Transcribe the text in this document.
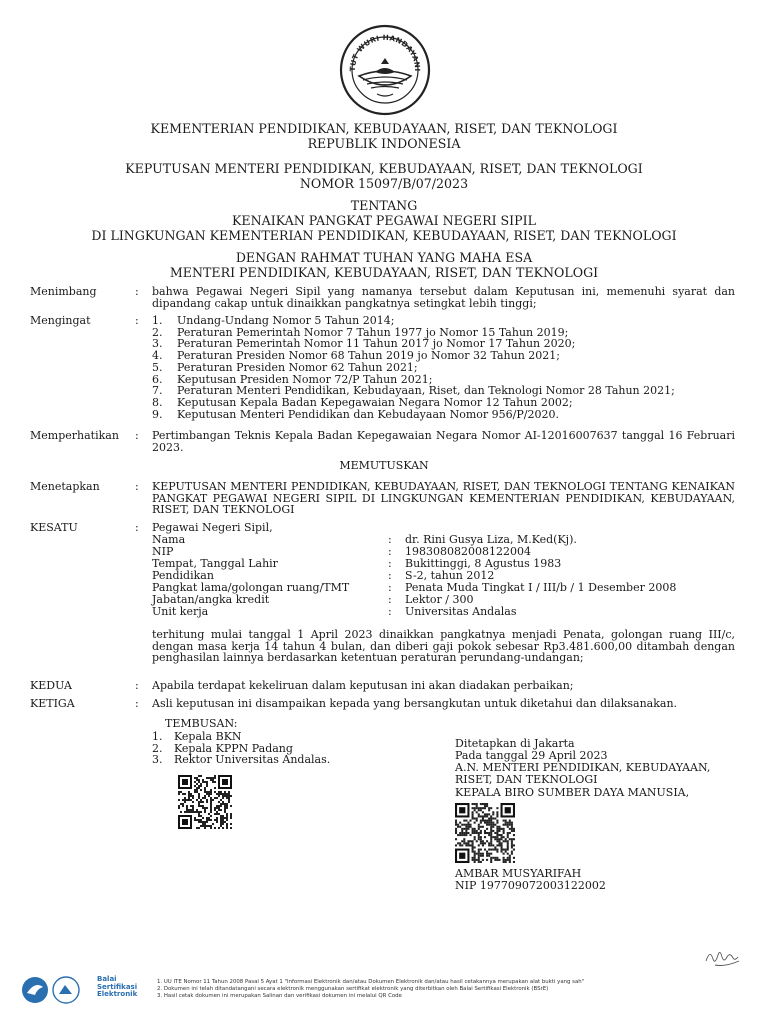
TUT WURI HANDAYANI
KEMENTERIAN PENDIDIKAN, KEBUDAYAAN, RISET, DAN TEKNOLOGI
REPUBLIK INDONESIA
KEPUTUSAN MENTERI PENDIDIKAN, KEBUDAYAAN, RISET, DAN TEKNOLOGI
NOMOR 15097/B/07/2023
TENTANG
KENAIKAN PANGKAT PEGAWAI NEGERI SIPIL
DI LINGKUNGAN KEMENTERIAN PENDIDIKAN, KEBUDAYAAN, RISET, DAN TEKNOLOGI
DENGAN RAHMAT TUHAN YANG MAHA ESA
MENTERI PENDIDIKAN, KEBUDAYAAN, RISET, DAN TEKNOLOGI
Menimbang	: bahwa Pegawai Negeri Sipil yang namanya tersebut dalam Keputusan ini, memenuhi syarat dan dipandang cakap untuk dinaikkan pangkatnya setingkat lebih tinggi;
Mengingat	: 1. Undang-Undang Nomor 5 Tahun 2014;
2. Peraturan Pemerintah Nomor 7 Tahun 1977 jo Nomor 15 Tahun 2019;
3. Peraturan Pemerintah Nomor 11 Tahun 2017 jo Nomor 17 Tahun 2020;
4. Peraturan Presiden Nomor 68 Tahun 2019 jo Nomor 32 Tahun 2021;
5. Peraturan Presiden Nomor 62 Tahun 2021;
6. Keputusan Presiden Nomor 72/P Tahun 2021;
7. Peraturan Menteri Pendidikan, Kebudayaan, Riset, dan Teknologi Nomor 28 Tahun 2021;
8. Keputusan Kepala Badan Kepegawaian Negara Nomor 12 Tahun 2002;
9. Keputusan Menteri Pendidikan dan Kebudayaan Nomor 956/P/2020.
Memperhatikan : Pertimbangan Teknis Kepala Badan Kepegawaian Negara Nomor AI-12016007637 tanggal 16 Februari 2023.
MEMUTUSKAN
Menetapkan	: KEPUTUSAN MENTERI PENDIDIKAN, KEBUDAYAAN, RISET, DAN TEKNOLOGI TENTANG KENAIKAN PANGKAT PEGAWAI NEGERI SIPIL DI LINGKUNGAN KEMENTERIAN PENDIDIKAN, KEBUDAYAAN, RISET, DAN TEKNOLOGI
KESATU	: Pegawai Negeri Sipil,
Nama	: dr. Rini Gusya Liza, M.Ked(Kj).
NIP	: 198308082008122004
Tempat, Tanggal Lahir	: Bukittinggi, 8 Agustus 1983
Pendidikan	: S-2, tahun 2012
Pangkat lama/golongan ruang/TMT	: Penata Muda Tingkat I / III/b / 1 Desember 2008
Jabatan/angka kredit	: Lektor / 300
Unit kerja	: Universitas Andalas
terhitung mulai tanggal 1 April 2023 dinaikkan pangkatnya menjadi Penata, golongan ruang III/c, dengan masa kerja 14 tahun 4 bulan, dan diberi gaji pokok sebesar Rp3.481.600,00 ditambah dengan penghasilan lainnya berdasarkan ketentuan peraturan perundang-undangan;
KEDUA	: Apabila terdapat kekeliruan dalam keputusan ini akan diadakan perbaikan;
KETIGA	: Asli keputusan ini disampaikan kepada yang bersangkutan untuk diketahui dan dilaksanakan.
TEMBUSAN:
1. Kepala BKN
2. Kepala KPPN Padang
3. Rektor Universitas Andalas.
Ditetapkan di Jakarta
Pada tanggal 29 April 2023
A.N. MENTERI PENDIDIKAN, KEBUDAYAAN,
RISET, DAN TEKNOLOGI
KEPALA BIRO SUMBER DAYA MANUSIA,
AMBAR MUSYARIFAH
NIP 197709072003122002
Balai
Sertifikasi
Elektronik
1. UU ITE Nomor 11 Tahun 2008 Pasal 5 Ayat 1 "Informasi Elektronik dan/atau Dokumen Elektronik dan/atau hasil cetakannya merupakan alat bukti yang sah"
2. Dokumen ini telah ditandatangani secara elektronik menggunakan sertifikat elektronik yang diterbitkan oleh Balai Sertifikasi Elektronik (BSrE)
3. Hasil cetak dokumen ini merupakan Salinan dan verifikasi dokumen ini melalui QR Code
